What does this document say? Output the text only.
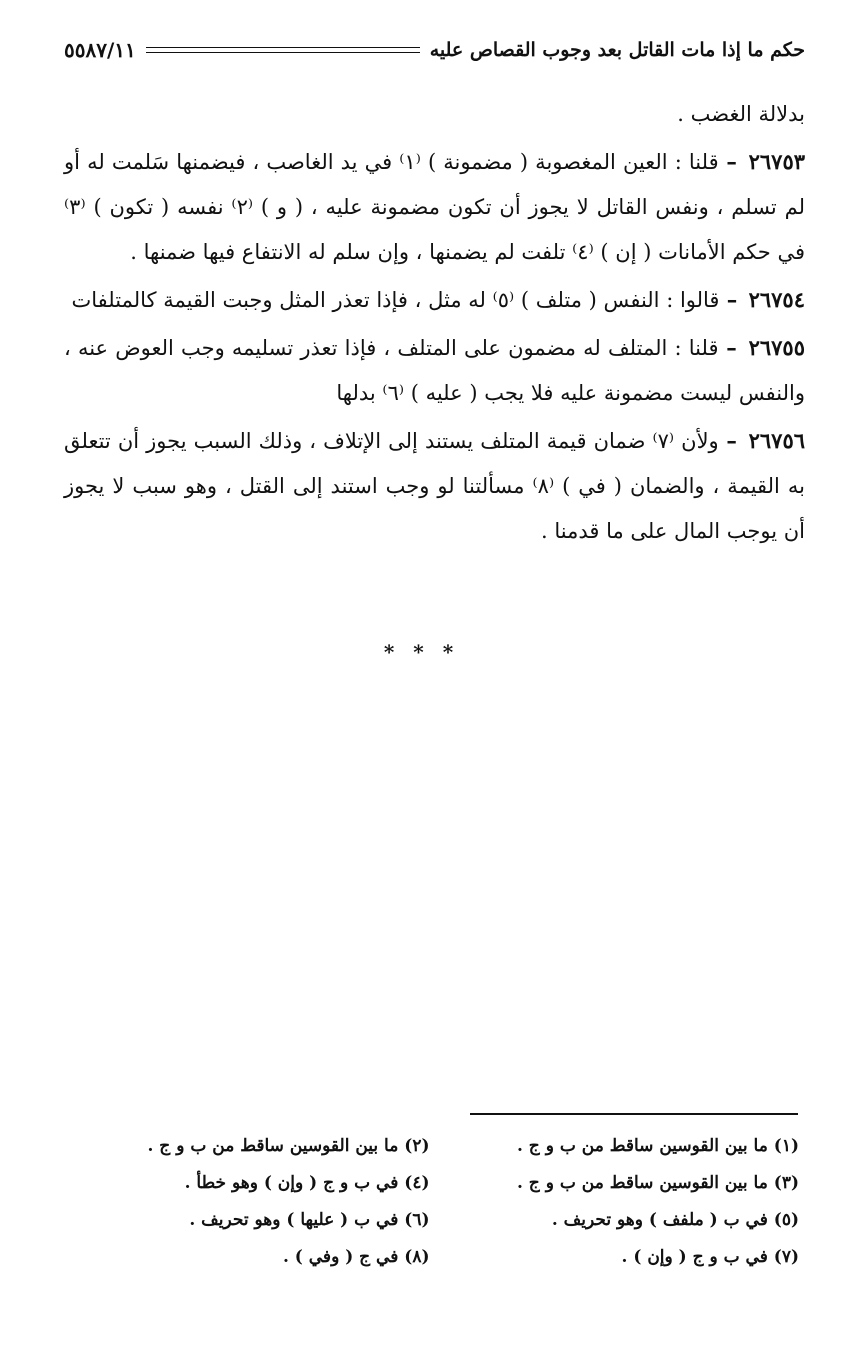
حكم ما إذا مات القاتل بعد وجوب القصاص عليه
٥٥٨٧/١١

بدلالة الغضب .

٢٦٧٥٣ – قلنا : العين المغصوبة ( مضمونة ) ⁽١⁾ في يد الغاصب ، فيضمنها سَلمت له أو لم تسلم ، ونفس القاتل لا يجوز أن تكون مضمونة عليه ، ( و ) ⁽٢⁾ نفسه ( تكون ) ⁽٣⁾ في حكم الأمانات ( إن ) ⁽٤⁾ تلفت لم يضمنها ، وإن سلم له الانتفاع فيها ضمنها .

٢٦٧٥٤ – قالوا : النفس ( متلف ) ⁽٥⁾ له مثل ، فإذا تعذر المثل وجبت القيمة كالمتلفات

٢٦٧٥٥ – قلنا : المتلف له مضمون على المتلف ، فإذا تعذر تسليمه وجب العوض عنه ، والنفس ليست مضمونة عليه فلا يجب ( عليه ) ⁽٦⁾ بدلها

٢٦٧٥٦ – ولأن ⁽٧⁾ ضمان قيمة المتلف يستند إلى الإتلاف ، وذلك السبب يجوز أن تتعلق به القيمة ، والضمان ( في ) ⁽٨⁾ مسألتنا لو وجب استند إلى القتل ، وهو سبب لا يجوز أن يوجب المال على ما قدمنا .

* * *
(١) ما بين القوسين ساقط من ب و ج .
(٢) ما بين القوسين ساقط من ب و ج .
(٣) ما بين القوسين ساقط من ب و ج .
(٤) في ب و ج ( وإن ) وهو خطأ .
(٥) في ب ( ملفف ) وهو تحريف .
(٦) في ب ( عليها ) وهو تحريف .
(٧) في ب و ج ( وإن ) .
(٨) في ج ( وفي ) .
